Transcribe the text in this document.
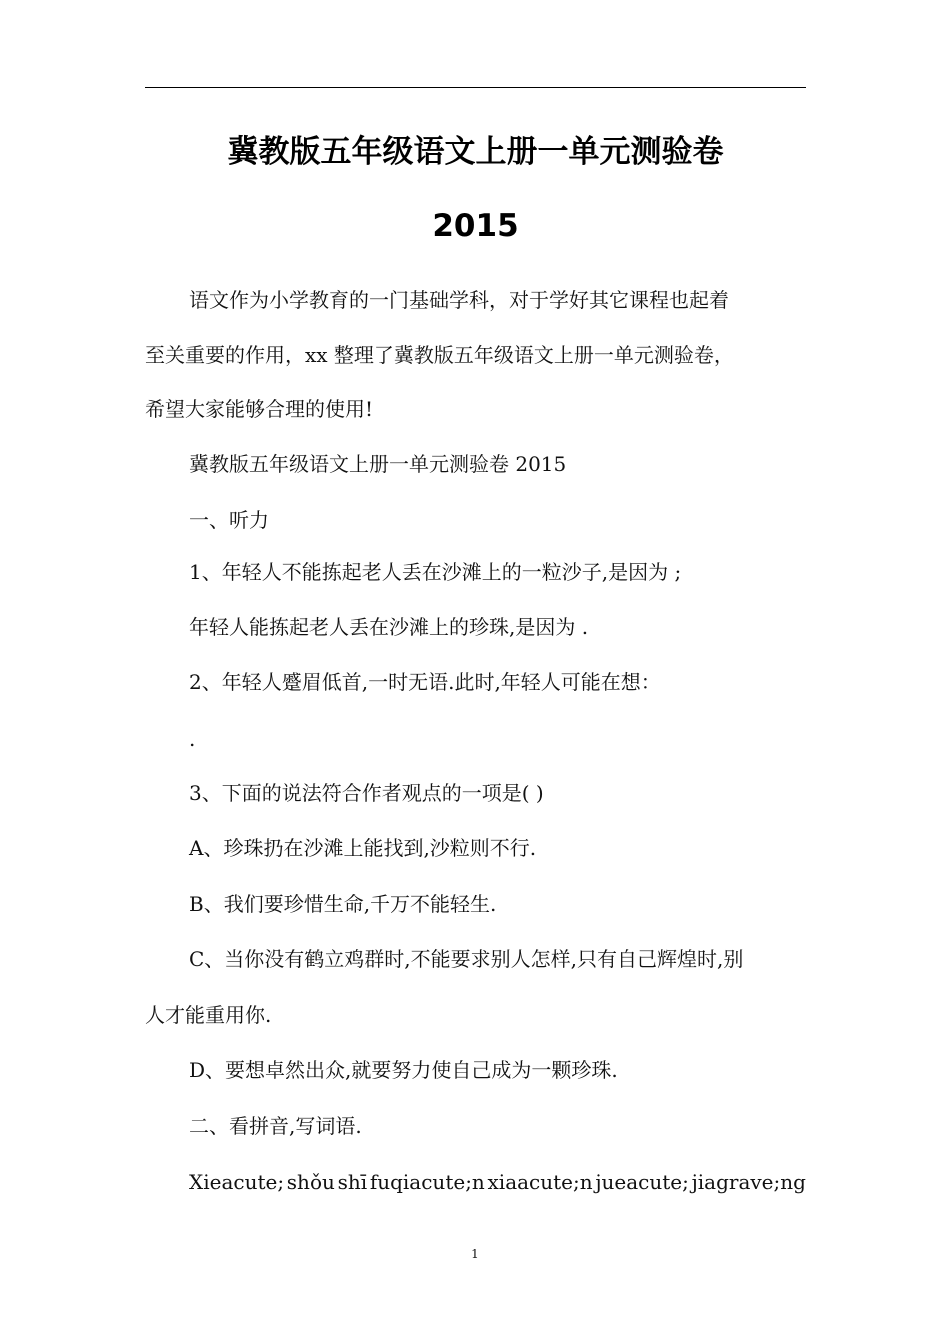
冀教版五年级语文上册一单元测验卷
2015
语文作为小学教育的一门基础学科，对于学好其它课程也起着
至关重要的作用，xx 整理了冀教版五年级语文上册一单元测验卷，
希望大家能够合理的使用!
冀教版五年级语文上册一单元测验卷 2015
一、听力
1、年轻人不能拣起老人丢在沙滩上的一粒沙子,是因为 ;
年轻人能拣起老人丢在沙滩上的珍珠,是因为 .
2、年轻人蹙眉低首,一时无语.此时,年轻人可能在想：
.
3、下面的说法符合作者观点的一项是( )
A、珍珠扔在沙滩上能找到,沙粒则不行.
B、我们要珍惜生命,千万不能轻生.
C、当你没有鹤立鸡群时,不能要求别人怎样,只有自己辉煌时,别
人才能重用你.
D、要想卓然出众,就要努力使自己成为一颗珍珠.
二、看拼音,写词语.
Xieacute; shǒu shī fuqiacute;n xiaacute;n jueacute; jiagrave;ng
1
